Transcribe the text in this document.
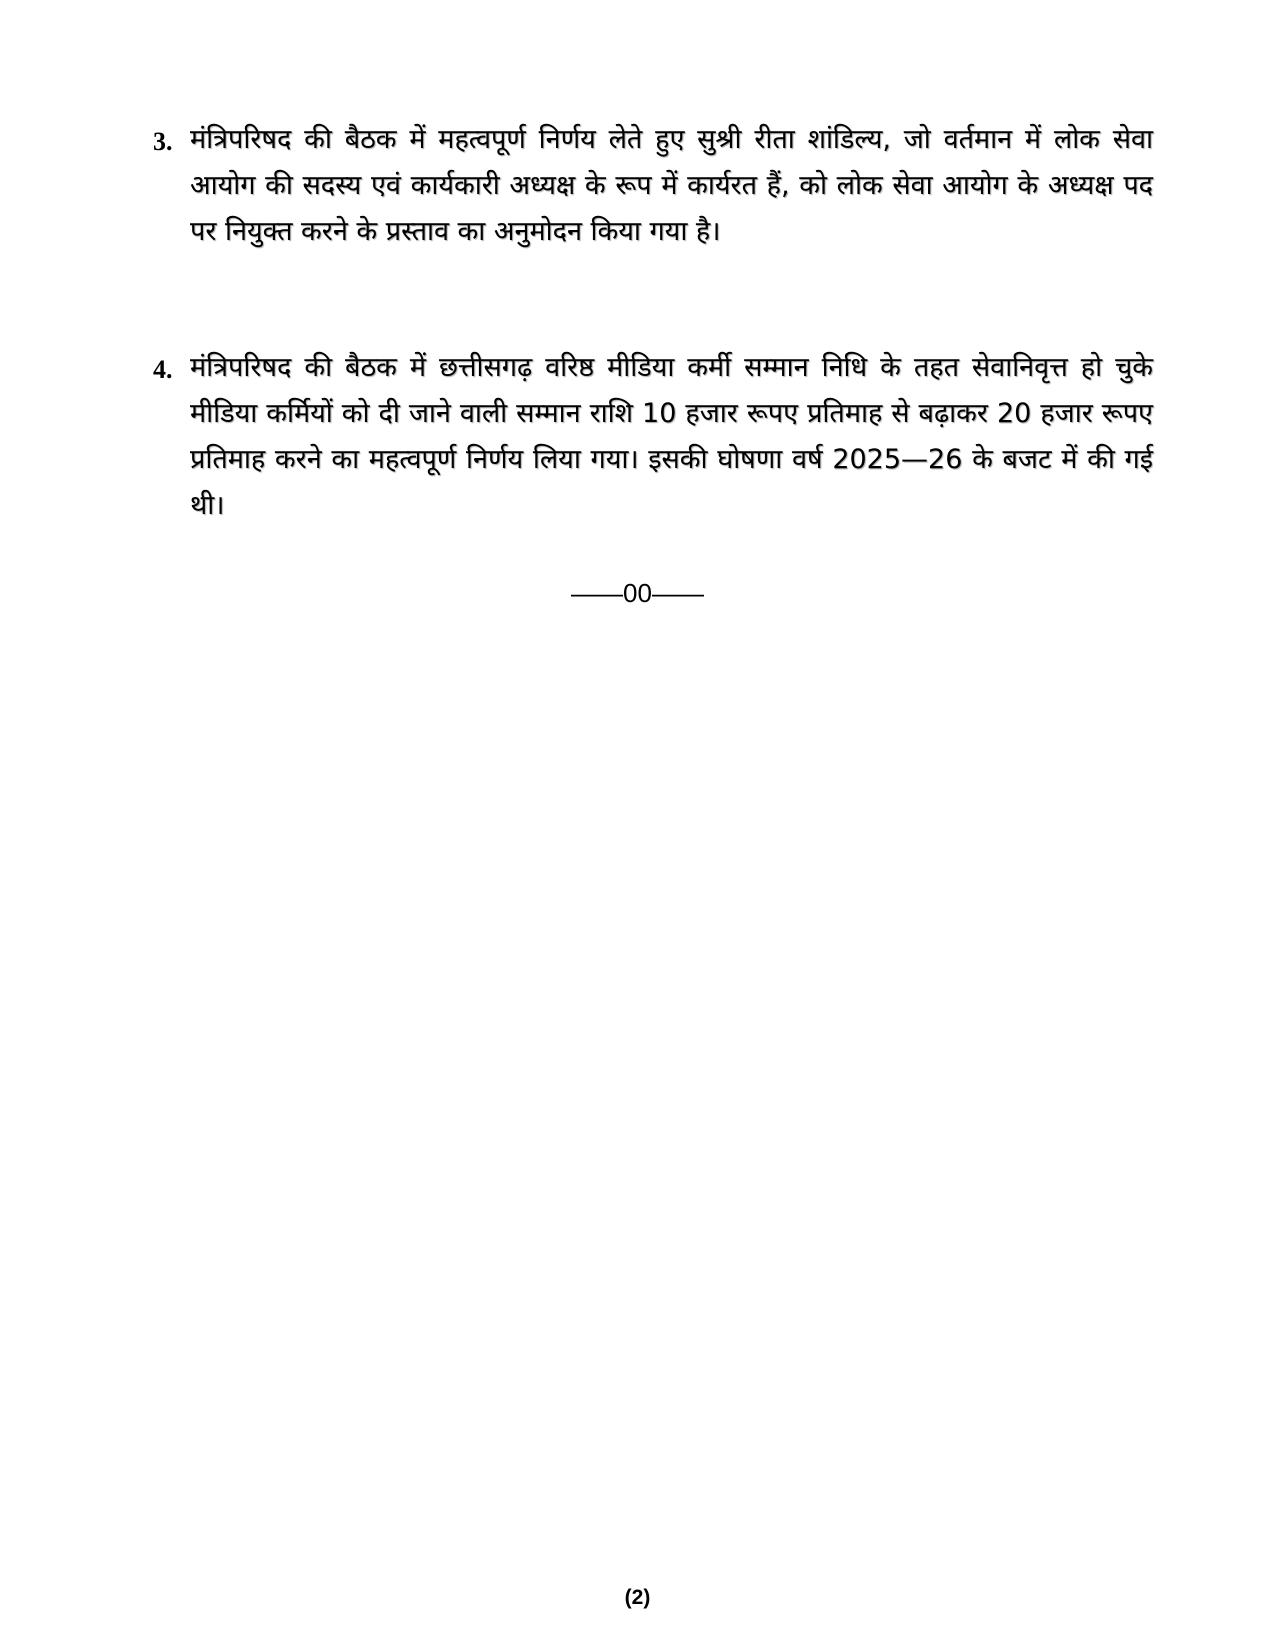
3. मंत्रिपरिषद की बैठक में महत्वपूर्ण निर्णय लेते हुए सुश्री रीता शांडिल्य, जो वर्तमान में लोक सेवा आयोग की सदस्य एवं कार्यकारी अध्यक्ष के रूप में कार्यरत हैं, को लोक सेवा आयोग के अध्यक्ष पद पर नियुक्त करने के प्रस्ताव का अनुमोदन किया गया है।
4. मंत्रिपरिषद की बैठक में छत्तीसगढ़ वरिष्ठ मीडिया कर्मी सम्मान निधि के तहत सेवानिवृत्त हो चुके मीडिया कर्मियों को दी जाने वाली सम्मान राशि 10 हजार रूपए प्रतिमाह से बढ़ाकर 20 हजार रूपए प्रतिमाह करने का महत्वपूर्ण निर्णय लिया गया। इसकी घोषणा वर्ष 2025—26 के बजट में की गई थी।
——00——
(2)
